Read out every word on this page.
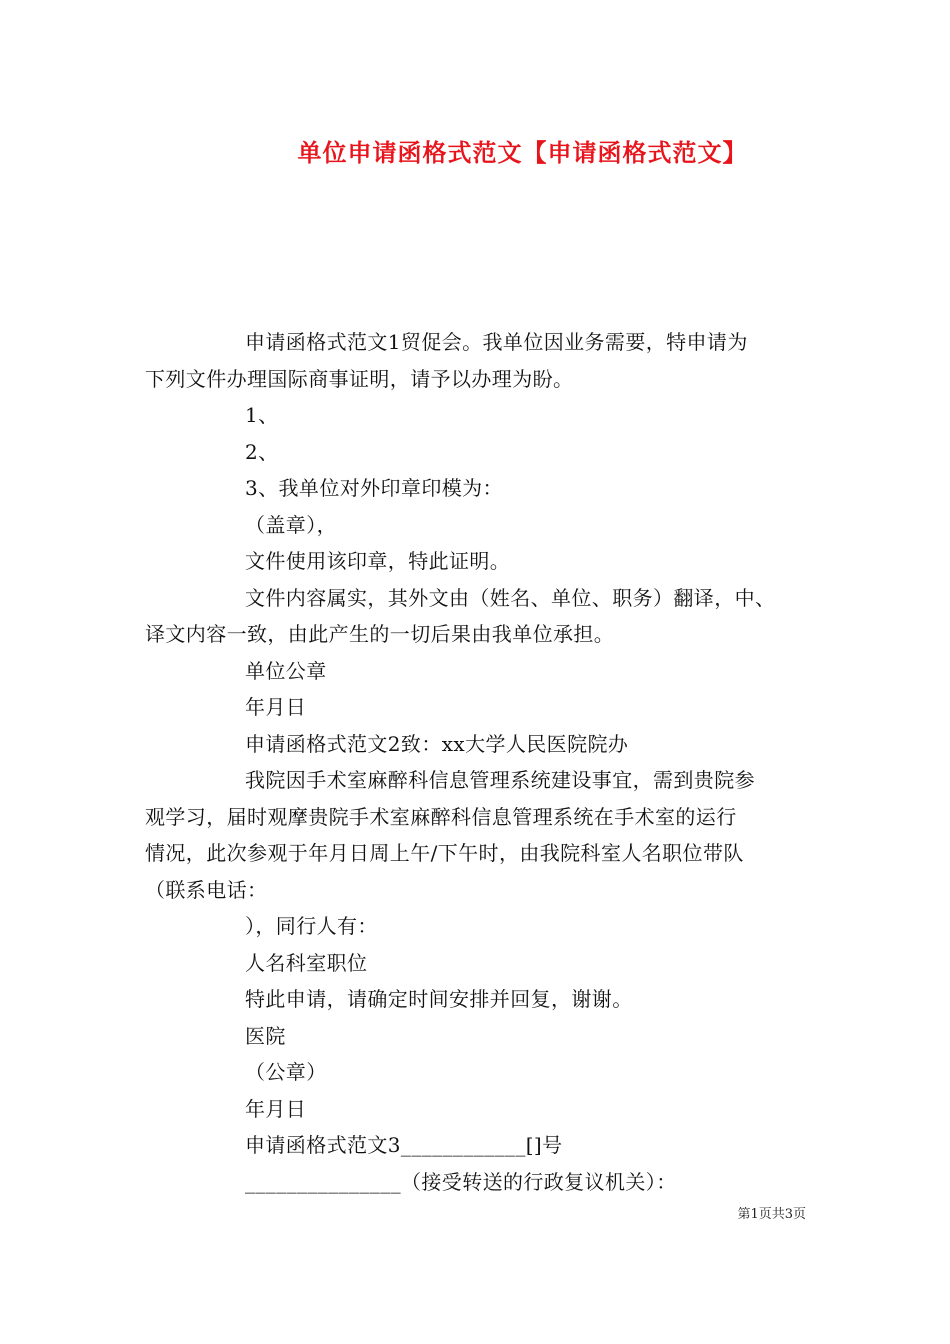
单位申请函格式范文【申请函格式范文】
申请函格式范文1贸促会。我单位因业务需要，特申请为
下列文件办理国际商事证明，请予以办理为盼。
1、
2、
3、我单位对外印章印模为：
（盖章），
文件使用该印章，特此证明。
文件内容属实，其外文由（姓名、单位、职务）翻译，中、
译文内容一致，由此产生的一切后果由我单位承担。
单位公章
年月日
申请函格式范文2致：xx大学人民医院院办
我院因手术室麻醉科信息管理系统建设事宜，需到贵院参
观学习，届时观摩贵院手术室麻醉科信息管理系统在手术室的运行
情况，此次参观于年月日周上午/下午时，由我院科室人名职位带队
（联系电话：
），同行人有：
人名科室职位
特此申请，请确定时间安排并回复，谢谢。
医院
（公章）
年月日
申请函格式范文3____________[]号
_______________（接受转送的行政复议机关）：
第1页共3页
